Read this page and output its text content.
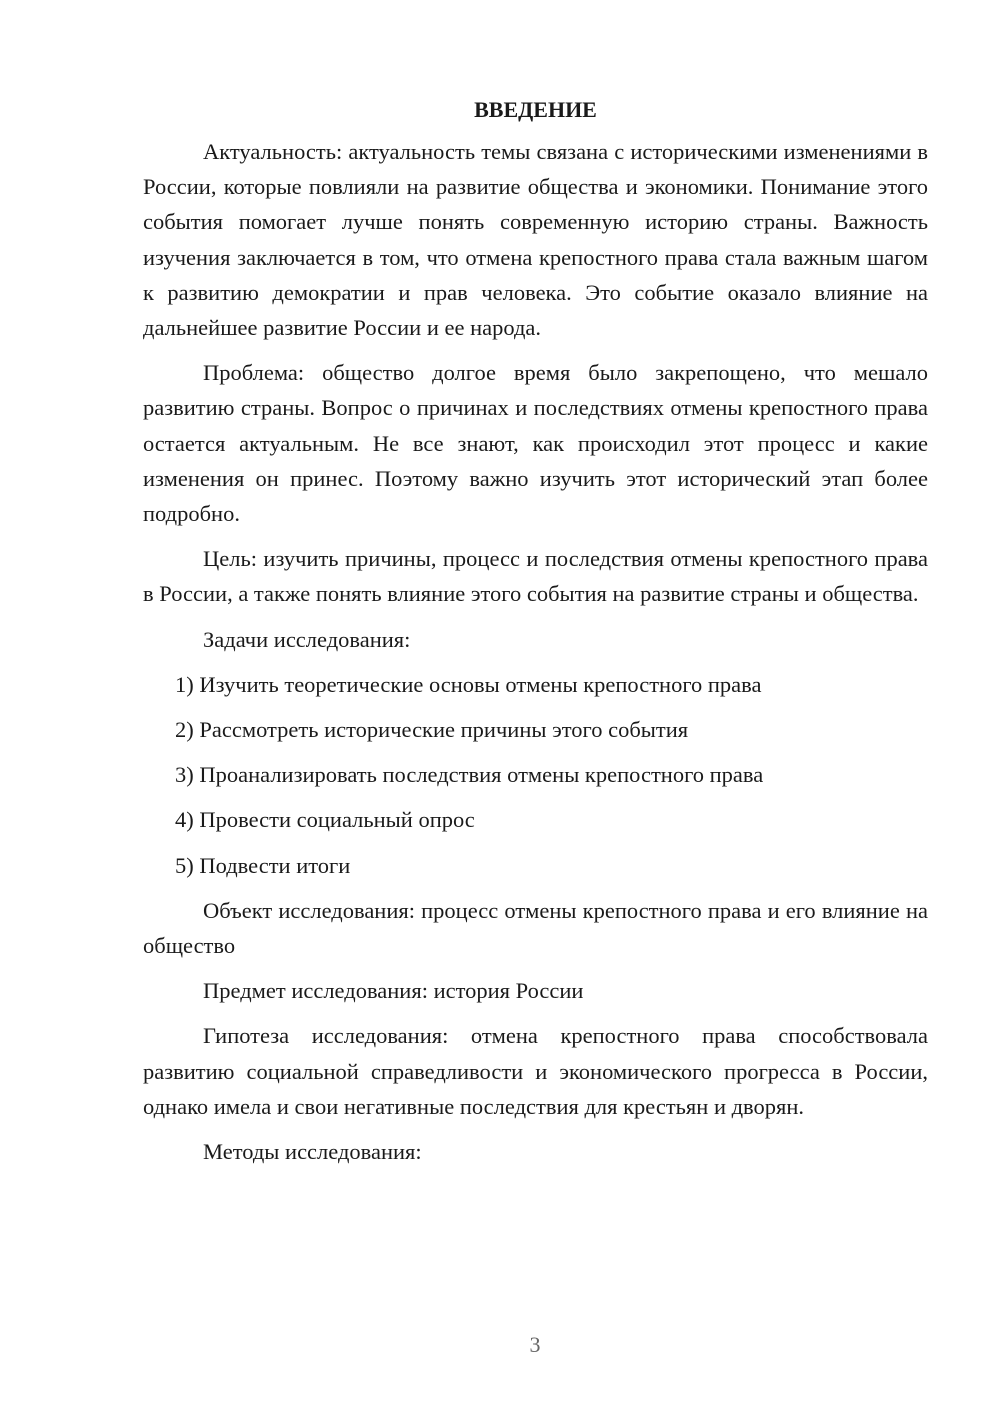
ВВЕДЕНИЕ

Актуальность: актуальность темы связана с историческими изменениями в России, которые повлияли на развитие общества и экономики. Понимание этого события помогает лучше понять современную историю страны. Важность изучения заключается в том, что отмена крепостного права стала важным шагом к развитию демократии и прав человека. Это событие оказало влияние на дальнейшее развитие России и ее народа.

Проблема: общество долгое время было закрепощено, что мешало развитию страны. Вопрос о причинах и последствиях отмены крепостного права остается актуальным. Не все знают, как происходил этот процесс и какие изменения он принес. Поэтому важно изучить этот исторический этап более подробно.

Цель: изучить причины, процесс и последствия отмены крепостного права в России, а также понять влияние этого события на развитие страны и общества.

Задачи исследования:

1) Изучить теоретические основы отмены крепостного права
2) Рассмотреть исторические причины этого события
3) Проанализировать последствия отмены крепостного права
4) Провести социальный опрос
5) Подвести итоги

Объект исследования: процесс отмены крепостного права и его влияние на общество

Предмет исследования: история России

Гипотеза исследования: отмена крепостного права способствовала развитию социальной справедливости и экономического прогресса в России, однако имела и свои негативные последствия для крестьян и дворян.

Методы исследования:

3
